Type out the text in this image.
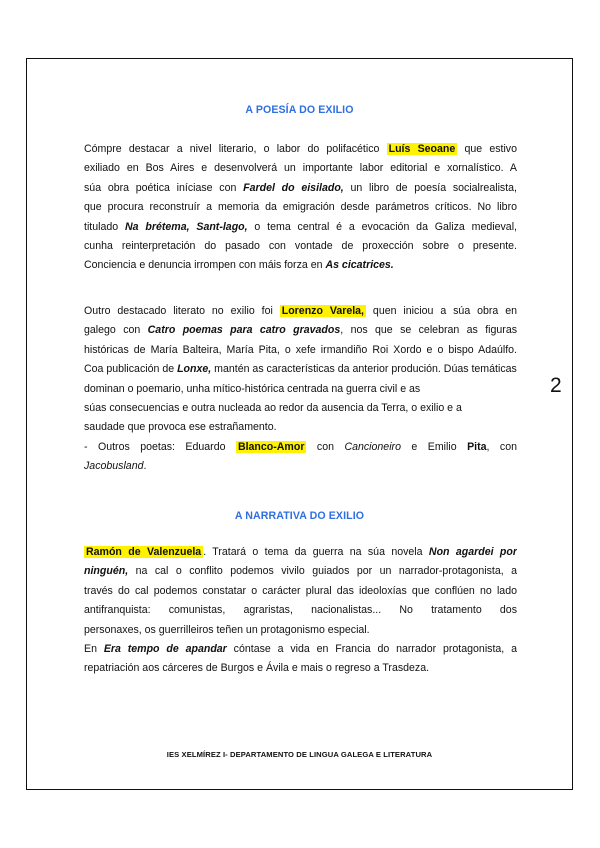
A POESÍA DO EXILIO
Cómpre destacar a nivel literario, o labor do polifacético Luís Seoane que estivo
exiliado en Bos Aires e desenvolverá un importante labor editorial e xornalístico. A
súa obra poética iníciase con Fardel do eisilado, un libro de poesía socialrealista,
que procura reconstruír a memoria da emigración desde parámetros críticos. No libro
titulado Na brétema, Sant-lago, o tema central é a evocación da Galiza medieval,
cunha reinterpretación do pasado con vontade de proxección sobre o presente.
Conciencia e denuncia irrompen con máis forza en As cicatrices.
Outro destacado literato no exilio foi Lorenzo Varela, quen iniciou a súa obra en
galego con Catro poemas para catro gravados, nos que se celebran as figuras
históricas de María Balteira, María Pita, o xefe irmandiño Roi Xordo e o bispo Adaúlfo.
Coa publicación de Lonxe, mantén as características da anterior produción. Dúas temáticas
dominan o poemario, unha mítico-histórica centrada na guerra civil e as
súas consecuencias e outra nucleada ao redor da ausencia da Terra, o exilio e a
saudade que provoca ese estrañamento.
- Outros poetas: Eduardo Blanco-Amor con Cancioneiro e Emilio Pita, con
Jacobusland.
2
A NARRATIVA DO EXILIO
Ramón de Valenzuela . Tratará o tema da guerra na súa novela Non agardei por
ninguén, na cal o conflito podemos vivilo guiados por un narrador-protagonista, a
través do cal podemos constatar o carácter plural das ideoloxías que conflúen no lado
antifranquista: comunistas, agraristas, nacionalistas... No tratamento dos
personaxes, os guerrilleiros teñen un protagonismo especial.
En Era tempo de apandar cóntase a vida en Francia do narrador protagonista, a
repatriación aos cárceres de Burgos e Ávila e mais o regreso a Trasdeza.
IES XELMÍREZ I- DEPARTAMENTO DE LINGUA GALEGA E LITERATURA
